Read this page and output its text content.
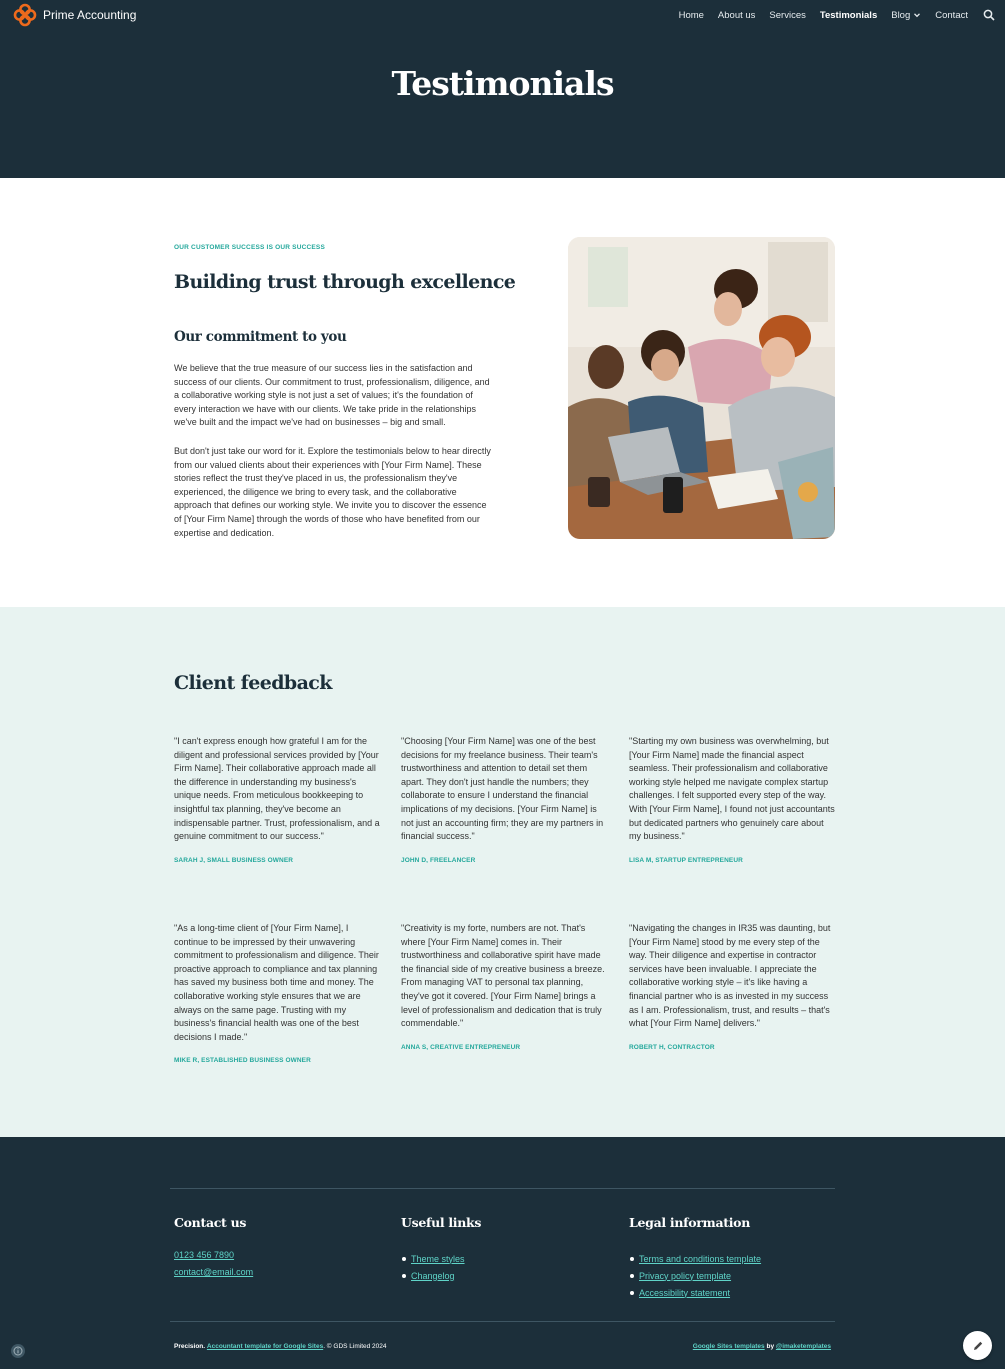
Prime Accounting	Home About us Services Testimonials Blog	Contact
Testimonials
OUR CUSTOMER SUCCESS IS OUR SUCCESS
Building trust through excellence
Our commitment to you

We believe that the true measure of our success lies in the satisfaction and success of our clients. Our commitment to trust, professionalism, diligence, and a collaborative working style is not just a set of values; it's the foundation of every interaction we have with our clients. We take pride in the relationships we've built and the impact we've had on businesses – big and small.

But don't just take our word for it. Explore the testimonials below to hear directly from our valued clients about their experiences with [Your Firm Name]. These stories reflect the trust they've placed in us, the professionalism they've experienced, the diligence we bring to every task, and the collaborative approach that defines our working style. We invite you to discover the essence of [Your Firm Name] through the words of those who have benefited from our expertise and dedication.

Client feedback

"I can't express enough how grateful I am for the diligent and professional services provided by [Your Firm Name]. Their collaborative approach made all the difference in understanding my business's unique needs. From meticulous bookkeeping to insightful tax planning, they've become an indispensable partner. Trust, professionalism, and a genuine commitment to our success."

SARAH J, SMALL BUSINESS OWNER

"Choosing [Your Firm Name] was one of the best decisions for my freelance business. Their team's trustworthiness and attention to detail set them apart. They don't just handle the numbers; they collaborate to ensure I understand the financial implications of my decisions. [Your Firm Name] is not just an accounting firm; they are my partners in financial success."

JOHN D, FREELANCER

"Starting my own business was overwhelming, but [Your Firm Name] made the financial aspect seamless. Their professionalism and collaborative working style helped me navigate complex startup challenges. I felt supported every step of the way. With [Your Firm Name], I found not just accountants but dedicated partners who genuinely care about my business."

LISA M, STARTUP ENTREPRENEUR

"As a long-time client of [Your Firm Name], I continue to be impressed by their unwavering commitment to professionalism and diligence. Their proactive approach to compliance and tax planning has saved my business both time and money. The collaborative working style ensures that we are always on the same page. Trusting with my business's financial health was one of the best decisions I made."

MIKE R, ESTABLISHED BUSINESS OWNER

"Creativity is my forte, numbers are not. That's where [Your Firm Name] comes in. Their trustworthiness and collaborative spirit have made the financial side of my creative business a breeze. From managing VAT to personal tax planning, they've got it covered. [Your Firm Name] brings a level of professionalism and dedication that is truly commendable."

ANNA S, CREATIVE ENTREPRENEUR

"Navigating the changes in IR35 was daunting, but [Your Firm Name] stood by me every step of the way. Their diligence and expertise in contractor services have been invaluable. I appreciate the collaborative working style – it's like having a financial partner who is as invested in my success as I am. Professionalism, trust, and results – that's what [Your Firm Name] delivers."

ROBERT H, CONTRACTOR
Contact us
0123 456 7890
contact@email.com
Useful links
Theme styles
Changelog
Legal information
Terms and conditions template
Privacy policy template
Accessibility statement
Precision. Accountant template for Google Sites. © GDS Limited 2024	Google Sites templates by @imaketemplates
